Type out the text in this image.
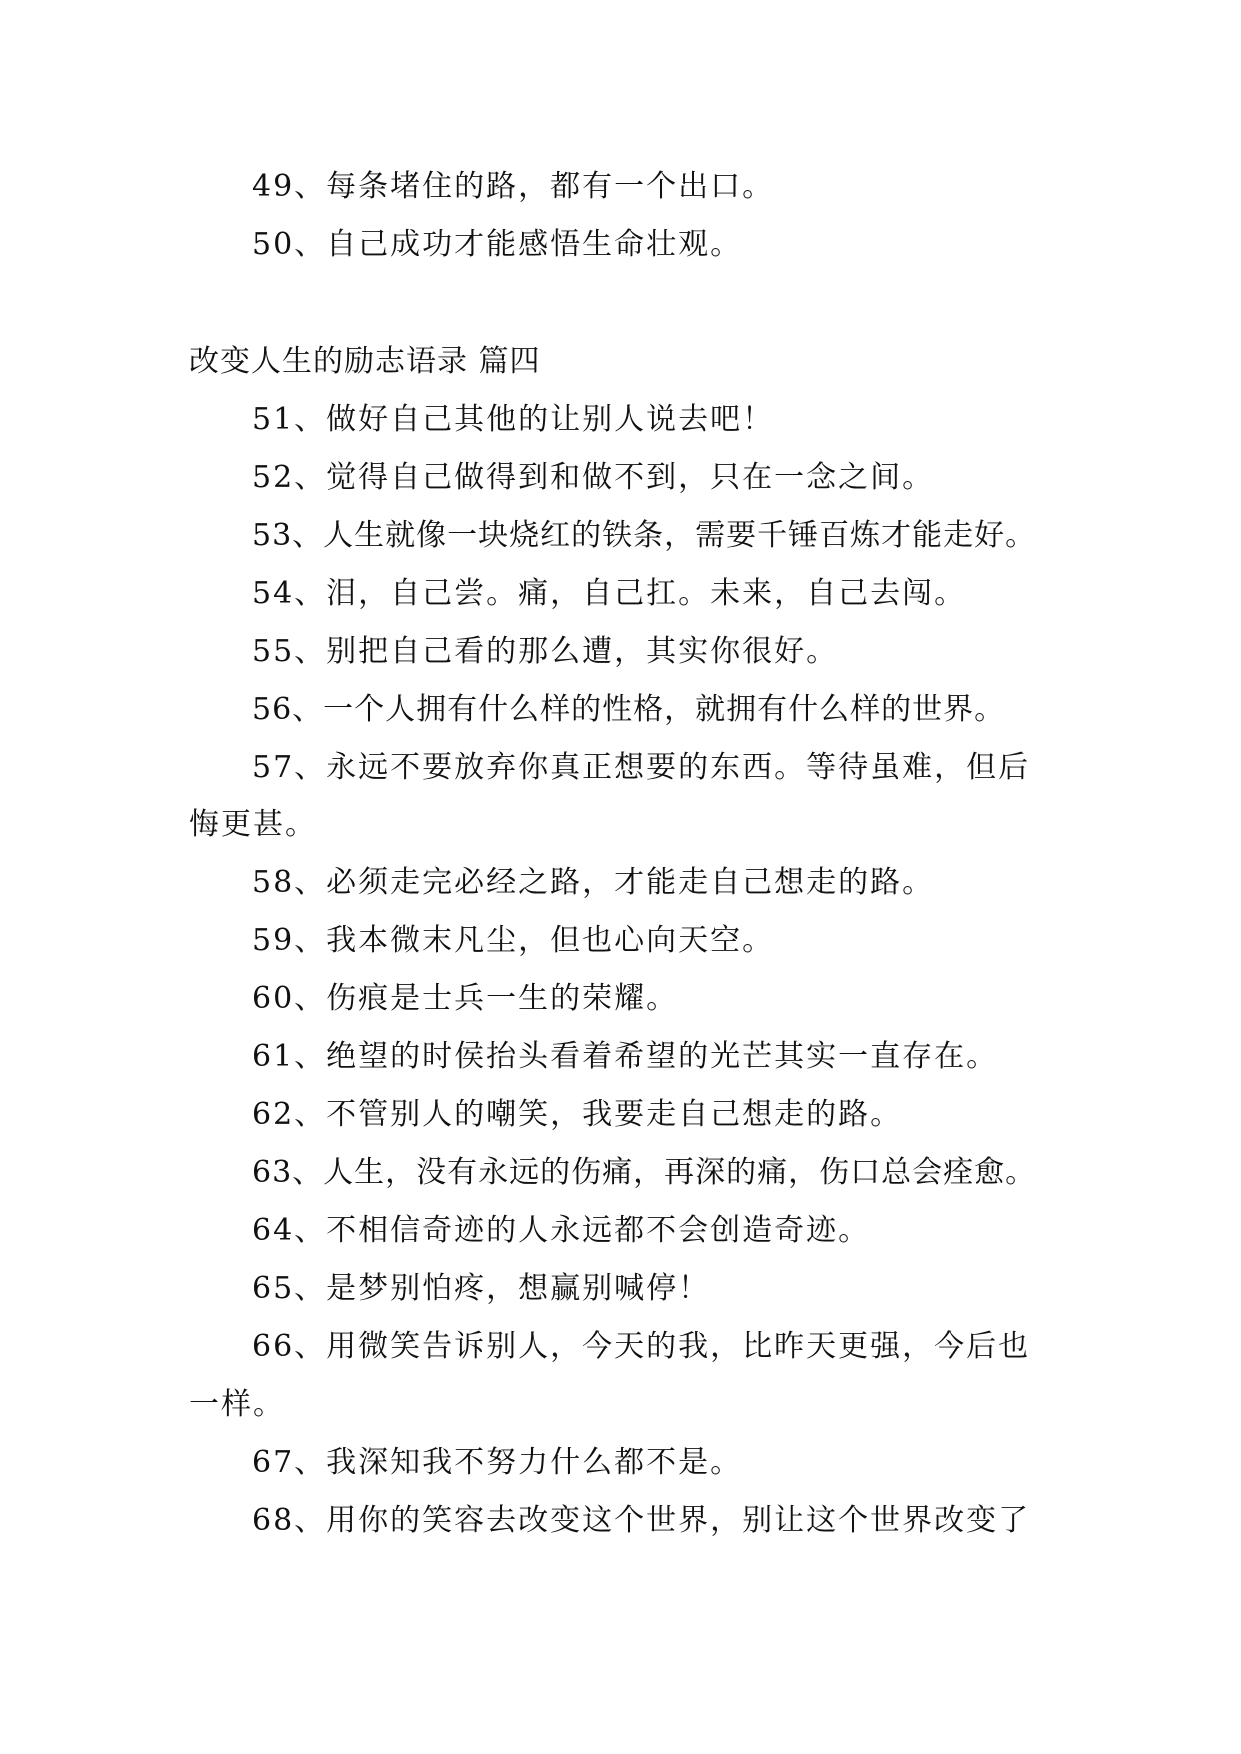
49、每条堵住的路，都有一个出口。
50、自己成功才能感悟生命壮观。
改变人生的励志语录 篇四
51、做好自己其他的让别人说去吧！
52、觉得自己做得到和做不到，只在一念之间。
53、人生就像一块烧红的铁条，需要千锤百炼才能走好。
54、泪，自己尝。痛，自己扛。未来，自己去闯。
55、别把自己看的那么遭，其实你很好。
56、一个人拥有什么样的性格，就拥有什么样的世界。
57、永远不要放弃你真正想要的东西。等待虽难，但后
悔更甚。
58、必须走完必经之路，才能走自己想走的路。
59、我本微末凡尘，但也心向天空。
60、伤痕是士兵一生的荣耀。
61、绝望的时侯抬头看着希望的光芒其实一直存在。
62、不管别人的嘲笑，我要走自己想走的路。
63、人生，没有永远的伤痛，再深的痛，伤口总会痊愈。
64、不相信奇迹的人永远都不会创造奇迹。
65、是梦别怕疼，想赢别喊停！
66、用微笑告诉别人，今天的我，比昨天更强，今后也
一样。
67、我深知我不努力什么都不是。
68、用你的笑容去改变这个世界，别让这个世界改变了
